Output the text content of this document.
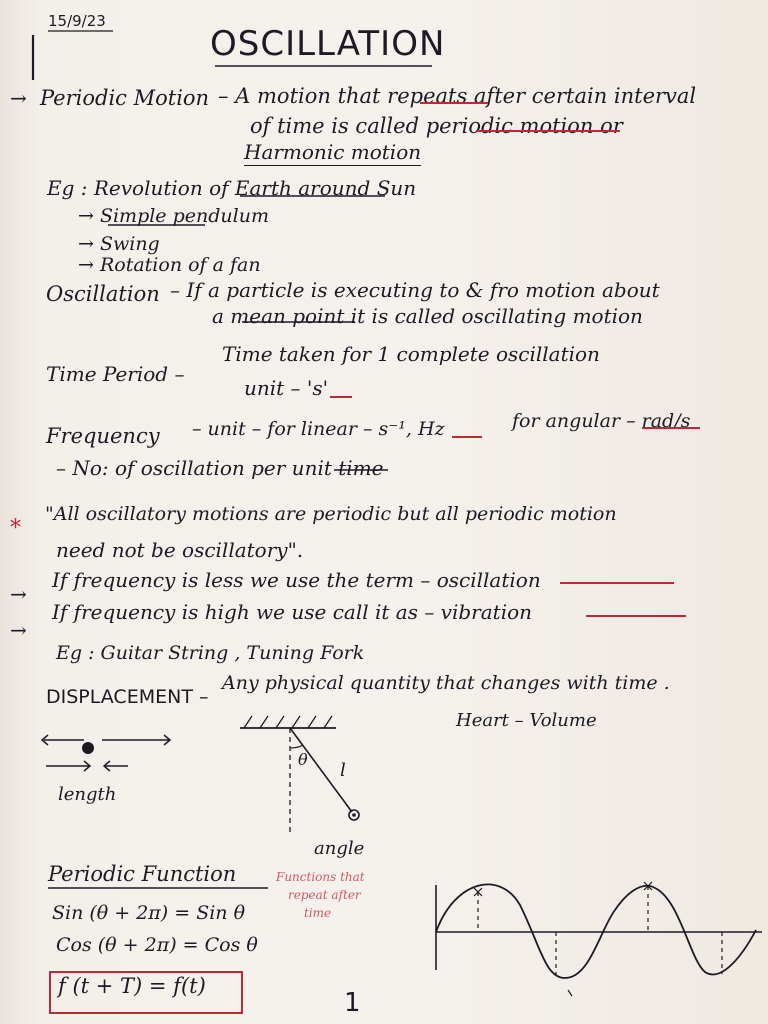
15/9/23
OSCILLATION
→ Periodic Motion – A motion that repeats after certain interval
of time is called periodic motion or
Harmonic motion
Eg : Revolution of Earth around Sun
→ Simple pendulum
→ Swing
→ Rotation of a fan
Oscillation – If a particle is executing to & fro motion about
a mean point it is called oscillating motion
Time Period –
Time taken for 1 complete oscillation
unit – 's'
Frequency – unit – for linear – s⁻¹, Hz	for angular – rad/s
– No: of oscillation per unit time
*
"All oscillatory motions are periodic but all periodic motion
need not be oscillatory".
→
If frequency is less we use the term – oscillation
→
If frequency is high we use call it as – vibration
Eg : Guitar String , Tuning Fork
DISPLACEMENT –
Any physical quantity that changes with time .
Heart – Volume
length
θ
l
angle
Periodic Function	Functions that
repeat after
time
Sin (θ + 2π) = Sin θ
Cos (θ + 2π) = Cos θ
f (t + T) = f(t)
1
